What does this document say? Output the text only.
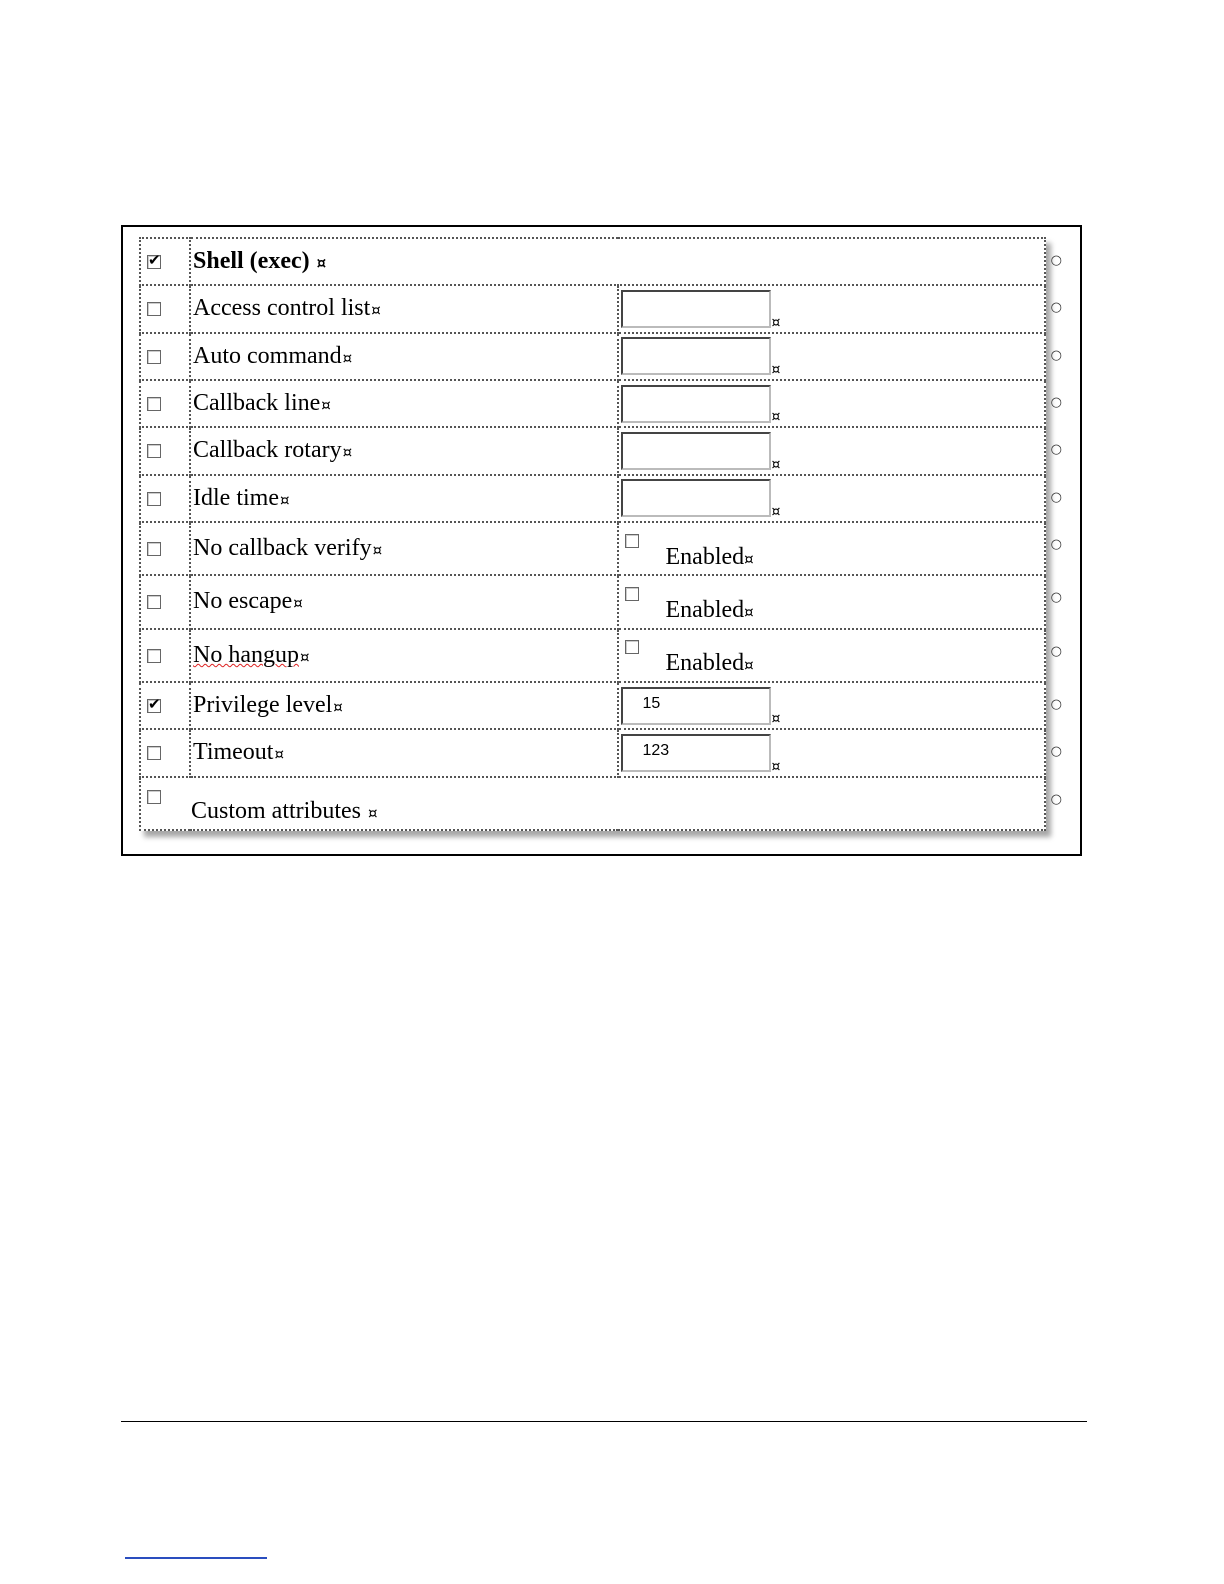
✔	Shell (exec) ¤ ○	

	Access control list¤	¤
○

	Auto command¤	¤
○

	Callback line¤	¤
○

	Callback rotary¤	¤
○

	Idle time¤	¤
○

	No callback verify¤	Enabled¤
○

	No escape¤	Enabled¤
○

	No hangup¤	Enabled¤
○

✔	Privilege level¤	15¤
○

	Timeout¤	123¤
○

Custom attributes ¤
○		
